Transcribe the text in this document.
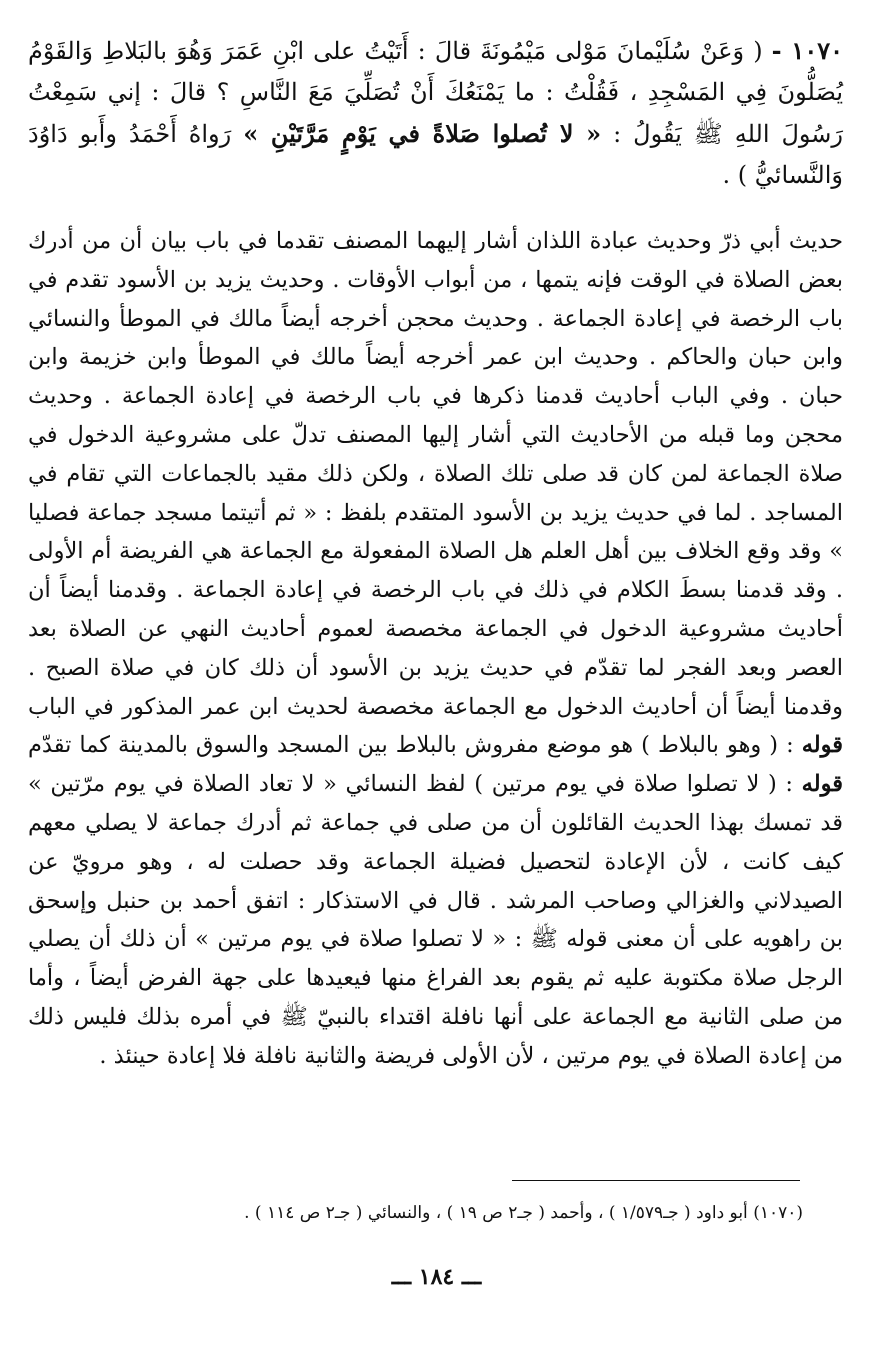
١٠٧٠ - ( وَعَنْ سُلَيْمانَ مَوْلى مَيْمُونَةَ قالَ : أَتَيْتُ على ابْنِ عَمَرَ وَهُوَ بالبَلاطِ وَالقَوْمُ يُصَلُّونَ فِي المَسْجِدِ ، فَقُلْتُ : ما يَمْنَعُكَ أَنْ تُصَلِّيَ مَعَ النَّاسِ ؟ قالَ : إني سَمِعْتُ رَسُولَ اللهِ ﷺ يَقُولُ : « لا تُصلوا صَلاةً في يَوْمٍ مَرَّتَيْنِ » رَواهُ أَحْمَدُ وأَبو دَاوُدَ وَالنَّسائيُّ ) .

حديث أبي ذرّ وحديث عبادة اللذان أشار إليهما المصنف تقدما في باب بيان أن من أدرك بعض الصلاة في الوقت فإنه يتمها ، من أبواب الأوقات . وحديث يزيد بن الأسود تقدم في باب الرخصة في إعادة الجماعة . وحديث محجن أخرجه أيضاً مالك في الموطأ والنسائي وابن حبان والحاكم . وحديث ابن عمر أخرجه أيضاً مالك في الموطأ وابن خزيمة وابن حبان . وفي الباب أحاديث قدمنا ذكرها في باب الرخصة في إعادة الجماعة . وحديث محجن وما قبله من الأحاديث التي أشار إليها المصنف تدلّ على مشروعية الدخول في صلاة الجماعة لمن كان قد صلى تلك الصلاة ، ولكن ذلك مقيد بالجماعات التي تقام في المساجد . لما في حديث يزيد بن الأسود المتقدم بلفظ : « ثم أتيتما مسجد جماعة فصليا » وقد وقع الخلاف بين أهل العلم هل الصلاة المفعولة مع الجماعة هي الفريضة أم الأولى . وقد قدمنا بسطَ الكلام في ذلك في باب الرخصة في إعادة الجماعة . وقدمنا أيضاً أن أحاديث مشروعية الدخول في الجماعة مخصصة لعموم أحاديث النهي عن الصلاة بعد العصر وبعد الفجر لما تقدّم في حديث يزيد بن الأسود أن ذلك كان في صلاة الصبح . وقدمنا أيضاً أن أحاديث الدخول مع الجماعة مخصصة لحديث ابن عمر المذكور في الباب قوله : ( وهو بالبلاط ) هو موضع مفروش بالبلاط بين المسجد والسوق بالمدينة كما تقدّم قوله : ( لا تصلوا صلاة في يوم مرتين ) لفظ النسائي « لا تعاد الصلاة في يوم مرّتين » قد تمسك بهذا الحديث القائلون أن من صلى في جماعة ثم أدرك جماعة لا يصلي معهم كيف كانت ، لأن الإعادة لتحصيل فضيلة الجماعة وقد حصلت له ، وهو مرويّ عن الصيدلاني والغزالي وصاحب المرشد . قال في الاستذكار : اتفق أحمد بن حنبل وإسحق بن راهويه على أن معنى قوله ﷺ : « لا تصلوا صلاة في يوم مرتين » أن ذلك أن يصلي الرجل صلاة مكتوبة عليه ثم يقوم بعد الفراغ منها فيعيدها على جهة الفرض أيضاً ، وأما من صلى الثانية مع الجماعة على أنها نافلة اقتداء بالنبيّ ﷺ في أمره بذلك فليس ذلك من إعادة الصلاة في يوم مرتين ، لأن الأولى فريضة والثانية نافلة فلا إعادة حينئذ .

(١٠٧٠) أبو داود ( جـ١/٥٧٩ ) ، وأحمد ( جـ٢ ص ١٩ ) ، والنسائي ( جـ٢ ص ١١٤ ) .

ـــ ١٨٤ ـــ
